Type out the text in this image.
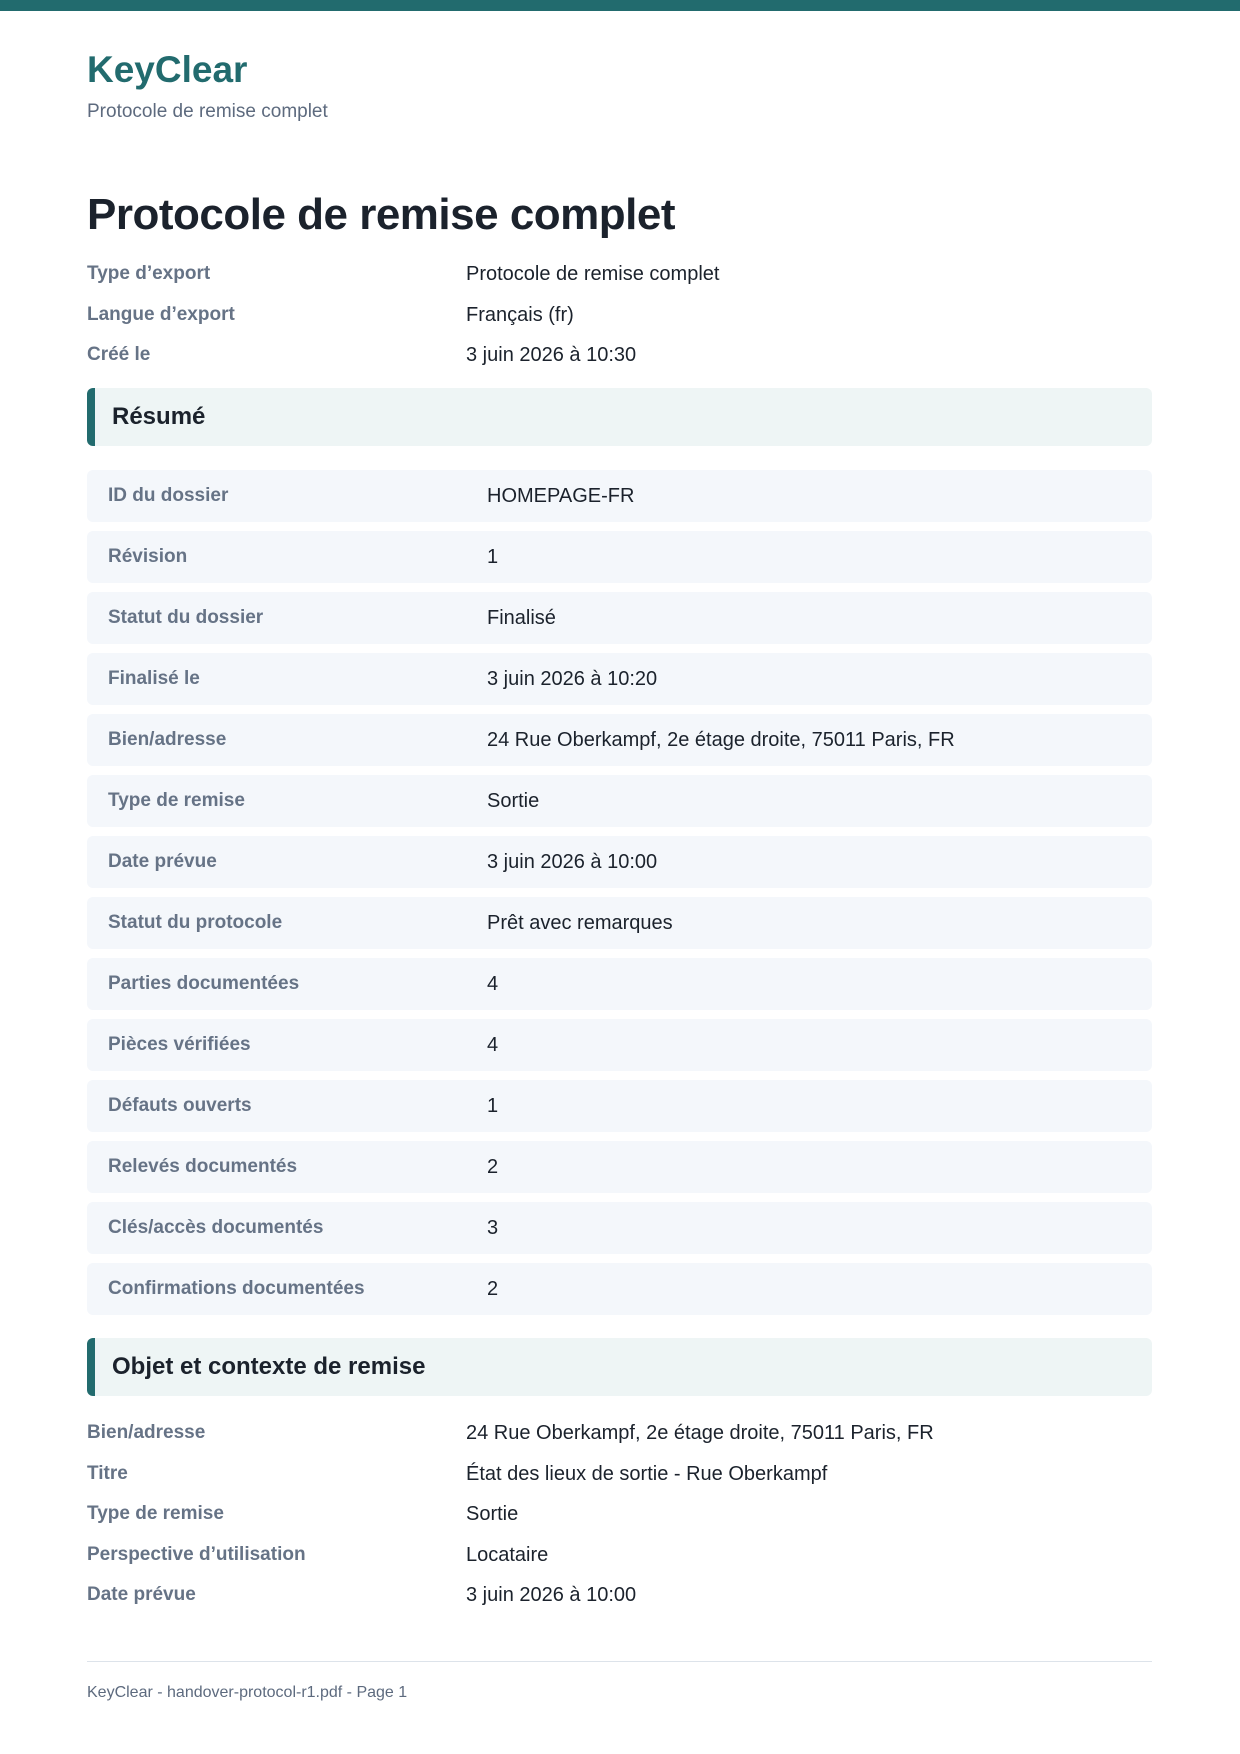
KeyClear
Protocole de remise complet
Protocole de remise complet
Type d’export	Protocole de remise complet
Langue d’export	Français (fr)
Créé le	3 juin 2026 à 10:30
Résumé
ID du dossier	HOMEPAGE-FR
Révision	1
Statut du dossier	Finalisé
Finalisé le	3 juin 2026 à 10:20
Bien/adresse	24 Rue Oberkampf, 2e étage droite, 75011 Paris, FR
Type de remise	Sortie
Date prévue	3 juin 2026 à 10:00
Statut du protocole	Prêt avec remarques
Parties documentées	4
Pièces vérifiées	4
Défauts ouverts	1
Relevés documentés	2
Clés/accès documentés	3
Confirmations documentées	2
Objet et contexte de remise
Bien/adresse	24 Rue Oberkampf, 2e étage droite, 75011 Paris, FR
Titre	État des lieux de sortie - Rue Oberkampf
Type de remise	Sortie
Perspective d’utilisation	Locataire
Date prévue	3 juin 2026 à 10:00
KeyClear - handover-protocol-r1.pdf - Page 1
